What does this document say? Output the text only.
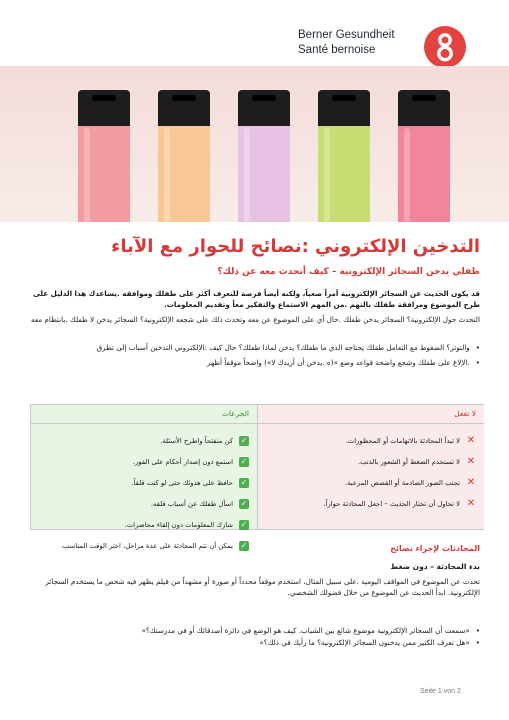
Berner Gesundheit
Santé bernoise
التدخين الإلكتروني :نصائح للحوار مع الآباء
طفلي يدخن السجائر الإلكترونية – كيف أتحدث معه عن ذلك؟
قد يكون الحديث عن السجائر الإلكترونية أمراً صعباً، ولكنه أيضاً فرصة للتعرف أكثر على طفلك وموافقه .يساعدك هذا الدليل على طرح الموضوع ومرافقة طفلك بالتهم .من المهم الاستماع والتفكير معاً وتقديم المعلومات.
التحدث حول الإلكترونية؟ السجائر يدخن طفلك .حال أي على الموضوع عن معه وتحدث ذلك على شجعه الإلكترونية؟ السجائر يدخن لا طفلك .بانتظام معه
• والتوتر؟ الضغوط مع التعامل طفلك يحتاجه الذي ما طفلك؟ يدخن لماذا طفلك؟ حال كيف :الإلكتروني التدخين أسباب إلى تطرق
• .الإلاغ على طفلك وشجع واضحة قواعد وضع «(ه .يدخن أن أريدك لا») واضحاً موقفاً أظهر
الجرعات
✓
كن منفتحاً واطرح الأسئلة.
✓
استمع دون إصدار أحكام على الفور.
✓
حافظ على هدوئك حتى لو كنت قلقاً.
✓
اسأل طفلك عن أسباب قلقه.
✓
شارك المعلومات دون إلقاء محاضرات.
✓
يمكن أن تتم المحادثة على عدة مراحل، اختر الوقت المناسب.
لا تفعل
✕
لا تبدأ المحادثة بالاتهامات أو المحظورات.
✕
لا تستخدم الضغط أو الشعور بالذنب.
✕
تجنب الصور الصادمة أو القصص المرعبة.
✕
لا تحاول أن تختار الحديث – اجعل المحادثة حواراً.
المحادثات لإجراء نصائح
بدء المحادثة – دون ضغط
تحدث عن الموضوع في المواقف اليومية .على سبيل المثال، استخدم موقفاً محدداً أو صورة أو مشهداً من فيلم يظهر فيه شخص ما يستخدم السجائر الإلكترونية. ابدأ الحديث عن الموضوع من خلال فضولك الشخصي.
• «سمعت أن السجائر الإلكترونية موضوع شائع بين الشباب. كيف هو الوضع في دائرة أصدقائك أو في مدرستك؟»
• «هل تعرف الكثير ممن يدخنون السجائر الإلكترونية؟ ما رأيك في ذلك؟»
Seite 1 von 2
